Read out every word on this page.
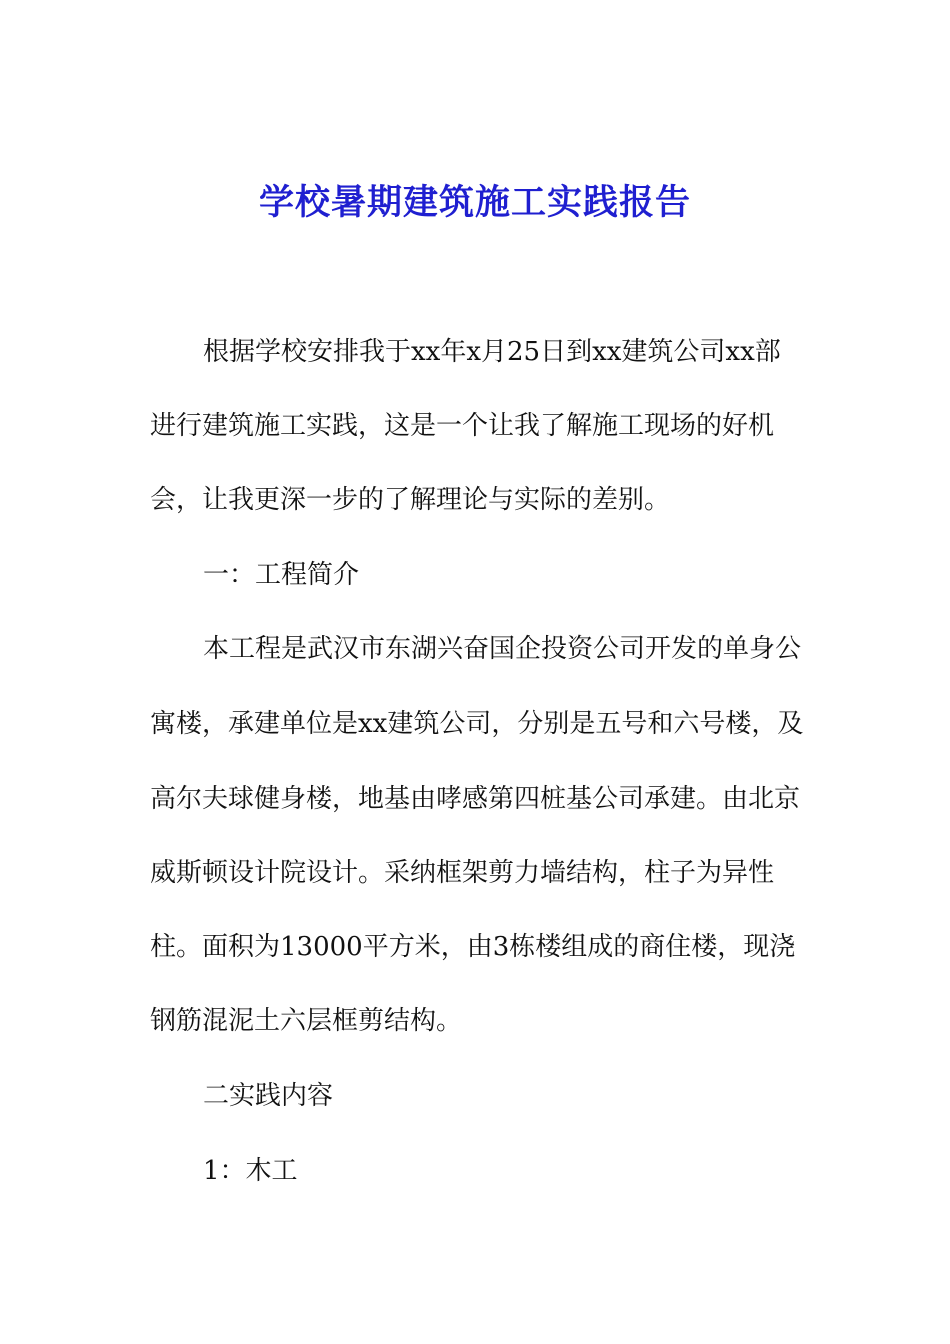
学校暑期建筑施工实践报告
根据学校安排我于xx年x月25日到xx建筑公司xx部
进行建筑施工实践，这是一个让我了解施工现场的好机
会，让我更深一步的了解理论与实际的差别。
一：工程简介
本工程是武汉市东湖兴奋国企投资公司开发的单身公
寓楼，承建单位是xx建筑公司，分别是五号和六号楼，及
高尔夫球健身楼，地基由哮感第四桩基公司承建。由北京
威斯顿设计院设计。采纳框架剪力墙结构，柱子为异性
柱。面积为13000平方米，由3栋楼组成的商住楼，现浇
钢筋混泥土六层框剪结构。
二实践内容
1：木工
